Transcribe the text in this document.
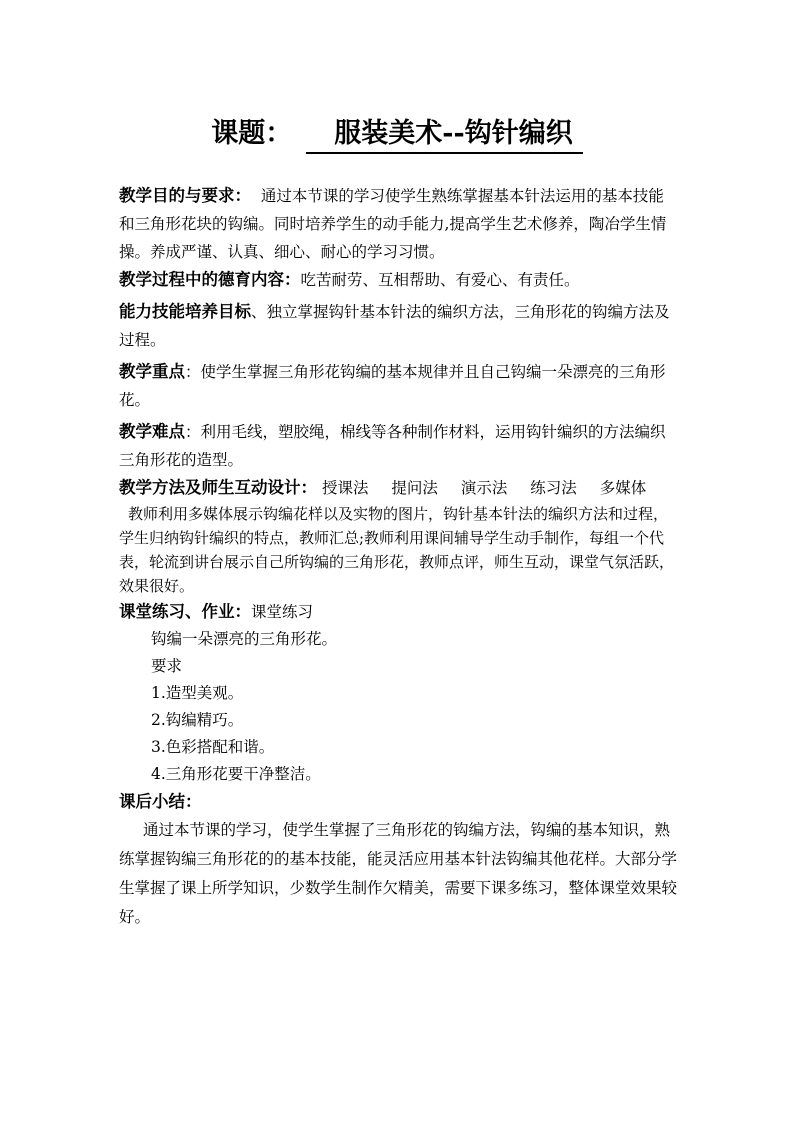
课题： 服装美术--钩针编织

教学目的与要求： 通过本节课的学习使学生熟练掌握基本针法运用的基本技能和三角形花块的钩编。同时培养学生的动手能力,提高学生艺术修养，陶冶学生情操。养成严谨、认真、细心、耐心的学习习惯。

教学过程中的德育内容：吃苦耐劳、互相帮助、有爱心、有责任。

能力技能培养目标、独立掌握钩针基本针法的编织方法，三角形花的钩编方法及过程。

教学重点：使学生掌握三角形花钩编的基本规律并且自己钩编一朵漂亮的三角形花。

教学难点：利用毛线，塑胶绳，棉线等各种制作材料，运用钩针编织的方法编织三角形花的造型。

教学方法及师生互动设计： 授课法 提问法 演示法 练习法 多媒体

教师利用多媒体展示钩编花样以及实物的图片，钩针基本针法的编织方法和过程，学生归纳钩针编织的特点，教师汇总;教师利用课间辅导学生动手制作，每组一个代表，轮流到讲台展示自己所钩编的三角形花，教师点评，师生互动，课堂气氛活跃，效果很好。

课堂练习、作业：课堂练习

钩编一朵漂亮的三角形花。

要求

1.造型美观。

2.钩编精巧。

3.色彩搭配和谐。

4.三角形花要干净整洁。

课后小结：

通过本节课的学习，使学生掌握了三角形花的钩编方法，钩编的基本知识，熟练掌握钩编三角形花的的基本技能，能灵活应用基本针法钩编其他花样。大部分学生掌握了课上所学知识，少数学生制作欠精美，需要下课多练习，整体课堂效果较好。
